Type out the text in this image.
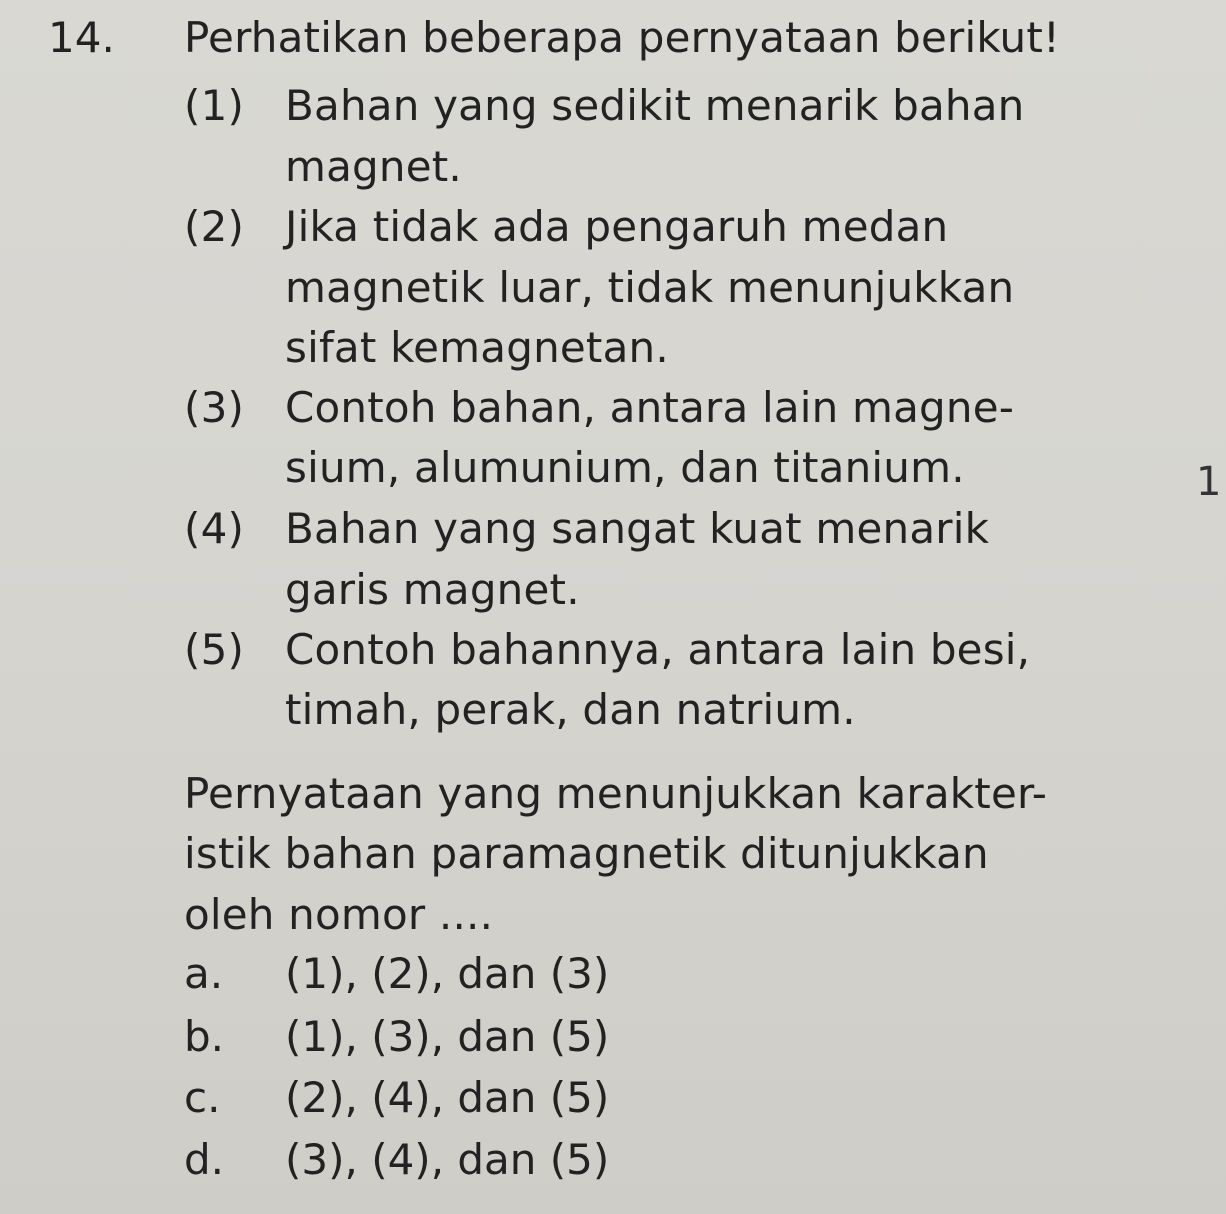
14. Perhatikan beberapa pernyataan berikut!
(1) Bahan yang sedikit menarik bahan
magnet.
(2) Jika tidak ada pengaruh medan
magnetik luar, tidak menunjukkan
sifat kemagnetan.
(3) Contoh bahan, antara lain magne-
sium, alumunium, dan titanium.	1
(4) Bahan yang sangat kuat menarik
garis magnet.
(5) Contoh bahannya, antara lain besi,
timah, perak, dan natrium.
Pernyataan yang menunjukkan karakter-
istik bahan paramagnetik ditunjukkan
oleh nomor ....
a. (1), (2), dan (3)
b. (1), (3), dan (5)
c. (2), (4), dan (5)
d. (3), (4), dan (5)
